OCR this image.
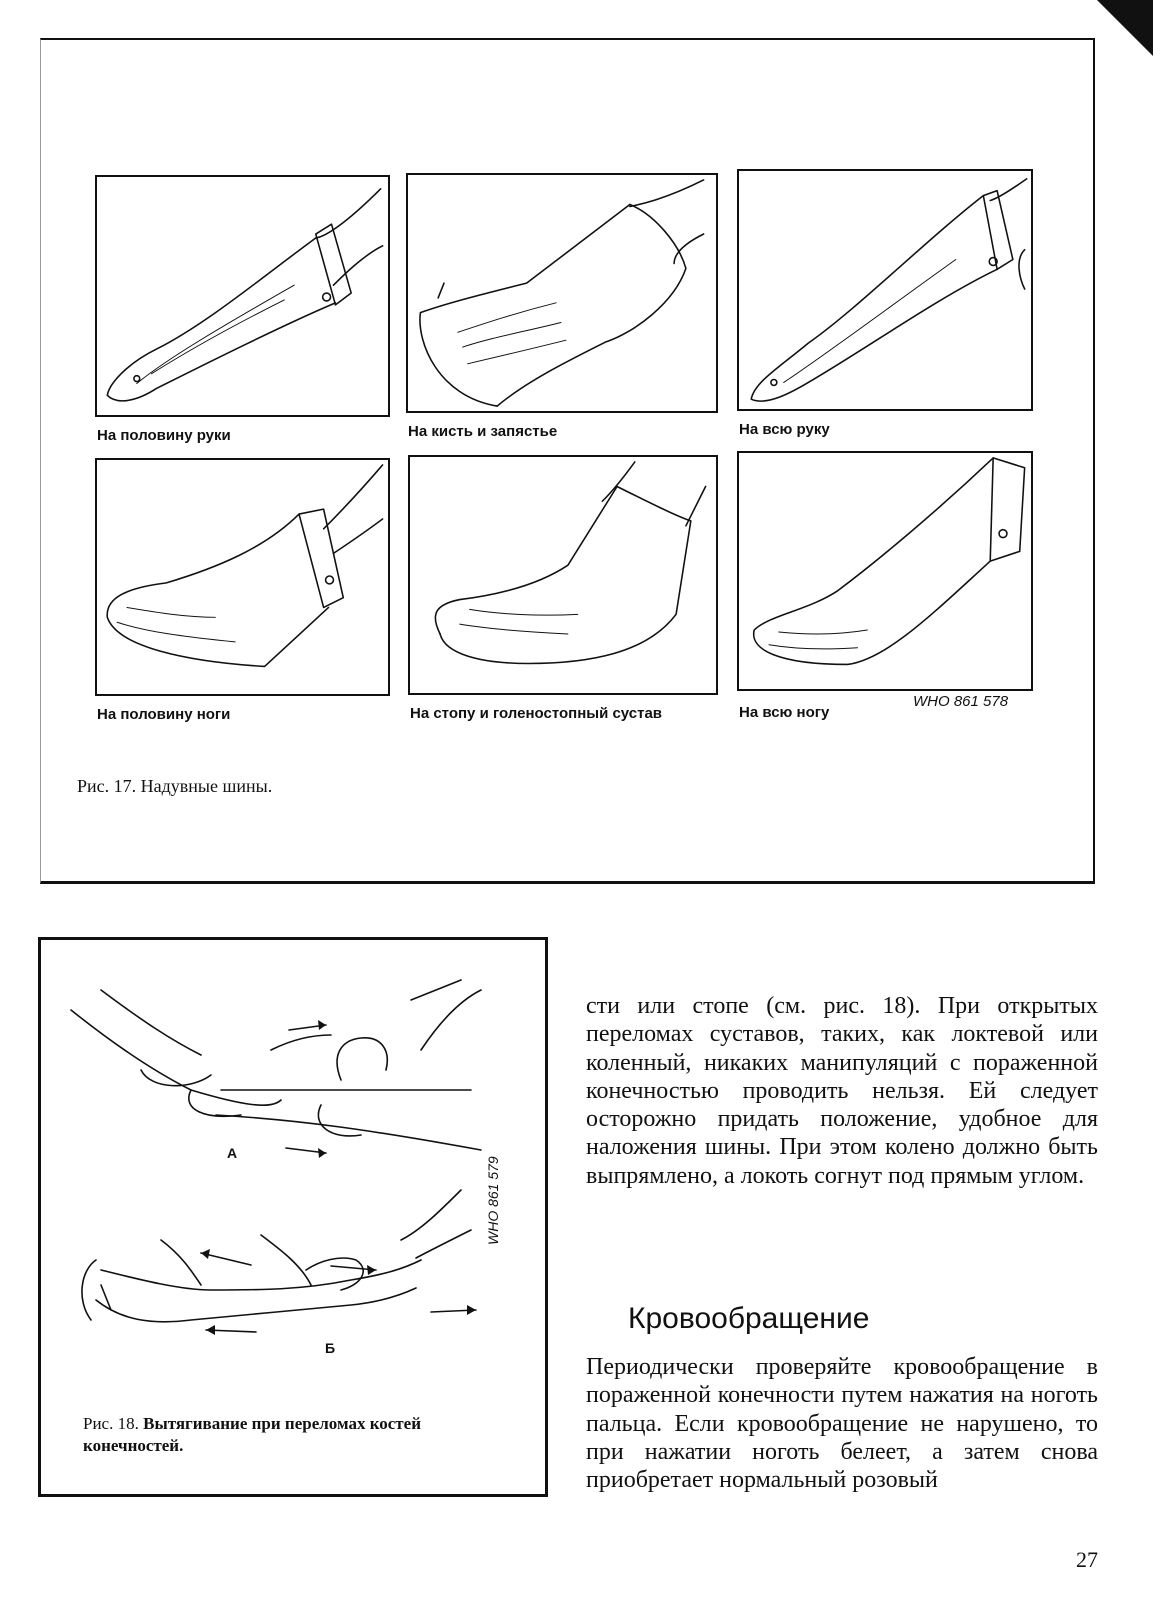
На половину руки	На кисть и запястье	На всю руку
На половину ноги	На стопу и голеностопный сустав	На всю ногу
WHO 861 578
Рис. 17. Надувные шины.
А
Б
WHO 861 579
Рис. 18. Вытягивание при переломах костей конечностей.

сти или стопе (см. рис. 18). При открытых переломах суставов, таких, как локтевой или коленный, никаких манипуляций с пораженной конечностью проводить нельзя. Ей следует осторожно придать положение, удобное для наложения шины. При этом колено должно быть выпрямлено, а локоть согнут под прямым углом.

Кровообращение

Периодически проверяйте кровообращение в пораженной конечности путем нажатия на ноготь пальца. Если кровообращение не нарушено, то при нажатии ноготь белеет, а затем снова приобретает нормальный розовый

27
